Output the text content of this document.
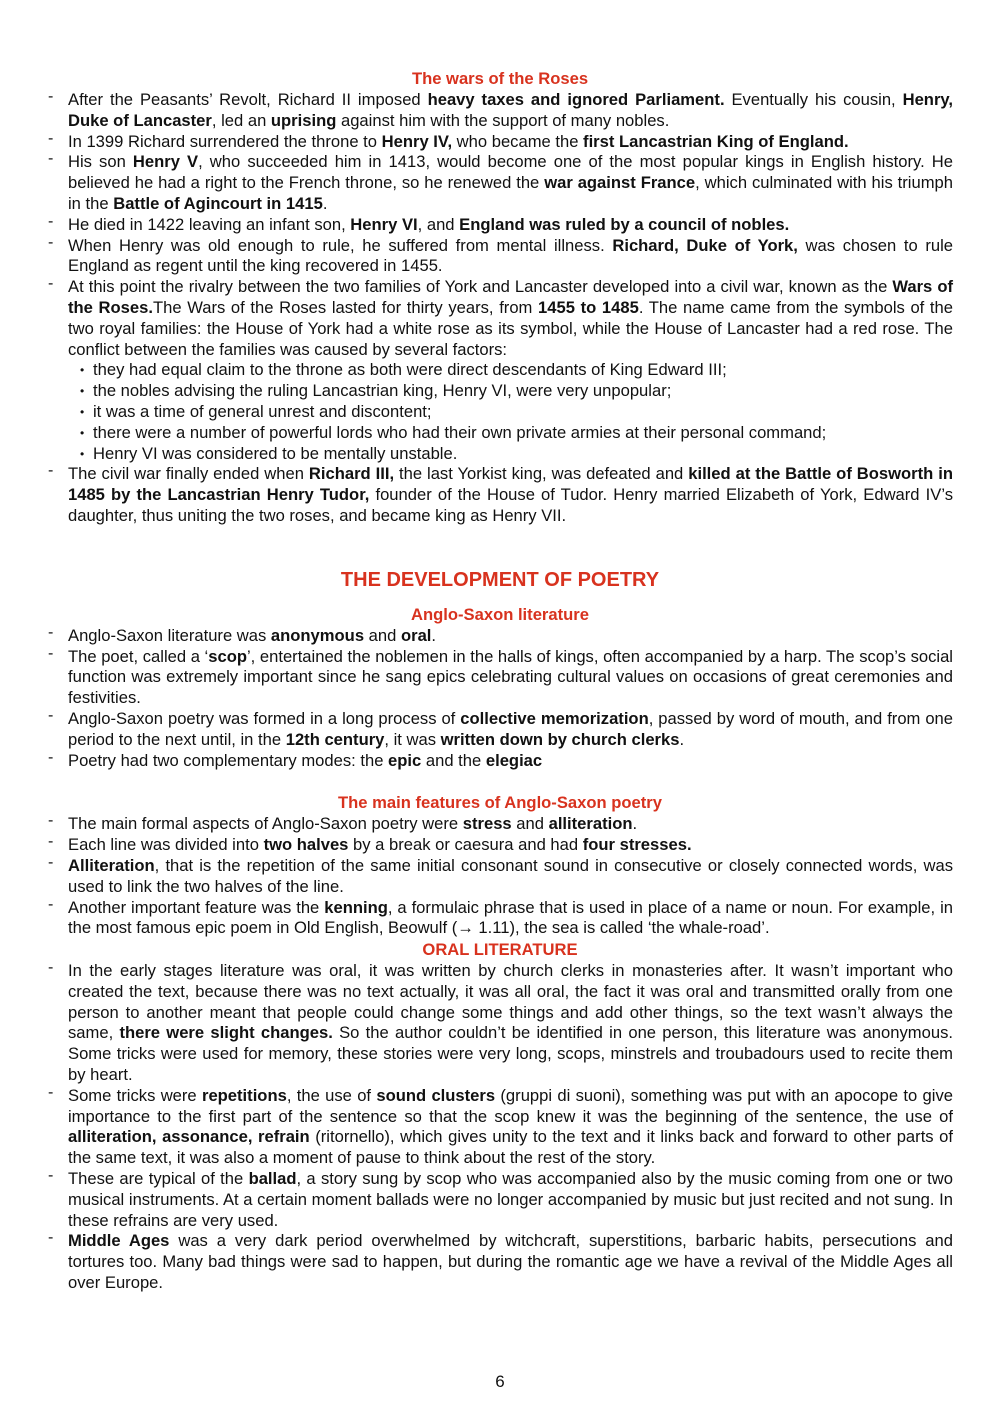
The wars of the Roses
- After the Peasants’ Revolt, Richard II imposed heavy taxes and ignored Parliament. Eventually his cousin, Henry, Duke of Lancaster, led an uprising against him with the support of many nobles.
- In 1399 Richard surrendered the throne to Henry IV, who became the first Lancastrian King of England.
- His son Henry V, who succeeded him in 1413, would become one of the most popular kings in English history. He believed he had a right to the French throne, so he renewed the war against France, which culminated with his triumph in the Battle of Agincourt in 1415.
- He died in 1422 leaving an infant son, Henry VI, and England was ruled by a council of nobles.
- When Henry was old enough to rule, he suffered from mental illness. Richard, Duke of York, was chosen to rule England as regent until the king recovered in 1455.
- At this point the rivalry between the two families of York and Lancaster developed into a civil war, known as the Wars of the Roses.The Wars of the Roses lasted for thirty years, from 1455 to 1485. The name came from the symbols of the two royal families: the House of York had a white rose as its symbol, while the House of Lancaster had a red rose. The conflict between the families was caused by several factors:
• they had equal claim to the throne as both were direct descendants of King Edward III;
• the nobles advising the ruling Lancastrian king, Henry VI, were very unpopular;
• it was a time of general unrest and discontent;
• there were a number of powerful lords who had their own private armies at their personal command;
• Henry VI was considered to be mentally unstable.
- The civil war finally ended when Richard III, the last Yorkist king, was defeated and killed at the Battle of Bosworth in 1485 by the Lancastrian Henry Tudor, founder of the House of Tudor. Henry married Elizabeth of York, Edward IV’s daughter, thus uniting the two roses, and became king as Henry VII.
THE DEVELOPMENT OF POETRY
Anglo-Saxon literature
- Anglo-Saxon literature was anonymous and oral.
- The poet, called a ‘scop’, entertained the noblemen in the halls of kings, often accompanied by a harp. The scop’s social function was extremely important since he sang epics celebrating cultural values on occasions of great ceremonies and festivities.
- Anglo-Saxon poetry was formed in a long process of collective memorization, passed by word of mouth, and from one period to the next until, in the 12th century, it was written down by church clerks.
- Poetry had two complementary modes: the epic and the elegiac
The main features of Anglo-Saxon poetry
- The main formal aspects of Anglo-Saxon poetry were stress and alliteration.
- Each line was divided into two halves by a break or caesura and had four stresses.
- Alliteration, that is the repetition of the same initial consonant sound in consecutive or closely connected words, was used to link the two halves of the line.
- Another important feature was the kenning, a formulaic phrase that is used in place of a name or noun. For example, in the most famous epic poem in Old English, Beowulf (→ 1.11), the sea is called ‘the whale-road’.
ORAL LITERATURE
- In the early stages literature was oral, it was written by church clerks in monasteries after. It wasn’t important who created the text, because there was no text actually, it was all oral, the fact it was oral and transmitted orally from one person to another meant that people could change some things and add other things, so the text wasn’t always the same, there were slight changes. So the author couldn’t be identified in one person, this literature was anonymous. Some tricks were used for memory, these stories were very long, scops, minstrels and troubadours used to recite them by heart.
- Some tricks were repetitions, the use of sound clusters (gruppi di suoni), something was put with an apocope to give importance to the first part of the sentence so that the scop knew it was the beginning of the sentence, the use of alliteration, assonance, refrain (ritornello), which gives unity to the text and it links back and forward to other parts of the same text, it was also a moment of pause to think about the rest of the story.
- These are typical of the ballad, a story sung by scop who was accompanied also by the music coming from one or two musical instruments. At a certain moment ballads were no longer accompanied by music but just recited and not sung. In these refrains are very used.
- Middle Ages was a very dark period overwhelmed by witchcraft, superstitions, barbaric habits, persecutions and tortures too. Many bad things were sad to happen, but during the romantic age we have a revival of the Middle Ages all over Europe.
6
